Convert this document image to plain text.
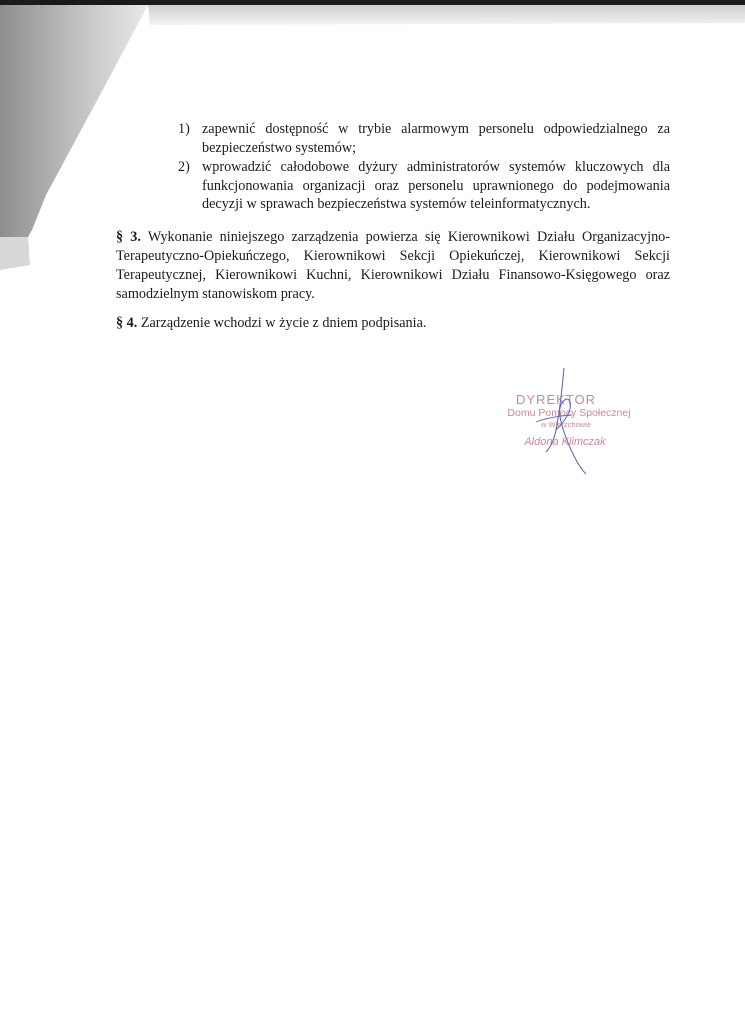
1) zapewnić dostępność w trybie alarmowym personelu odpowiedzialnego za bezpieczeństwo systemów;
2) wprowadzić całodobowe dyżury administratorów systemów kluczowych dla funkcjonowania organizacji oraz personelu uprawnionego do podejmowania decyzji w sprawach bezpieczeństwa systemów teleinformatycznych.

§ 3. Wykonanie niniejszego zarządzenia powierza się Kierownikowi Działu Organizacyjno-Terapeutyczno-Opiekuńczego, Kierownikowi Sekcji Opiekuńczej, Kierownikowi Sekcji Terapeutycznej, Kierownikowi Kuchni, Kierownikowi Działu Finansowo-Księgowego oraz samodzielnym stanowiskom pracy.

§ 4. Zarządzenie wchodzi w życie z dniem podpisania.

DYREKTOR
Domu Pomocy Społecznej
w Wierzchowie
Aldona Klimczak
